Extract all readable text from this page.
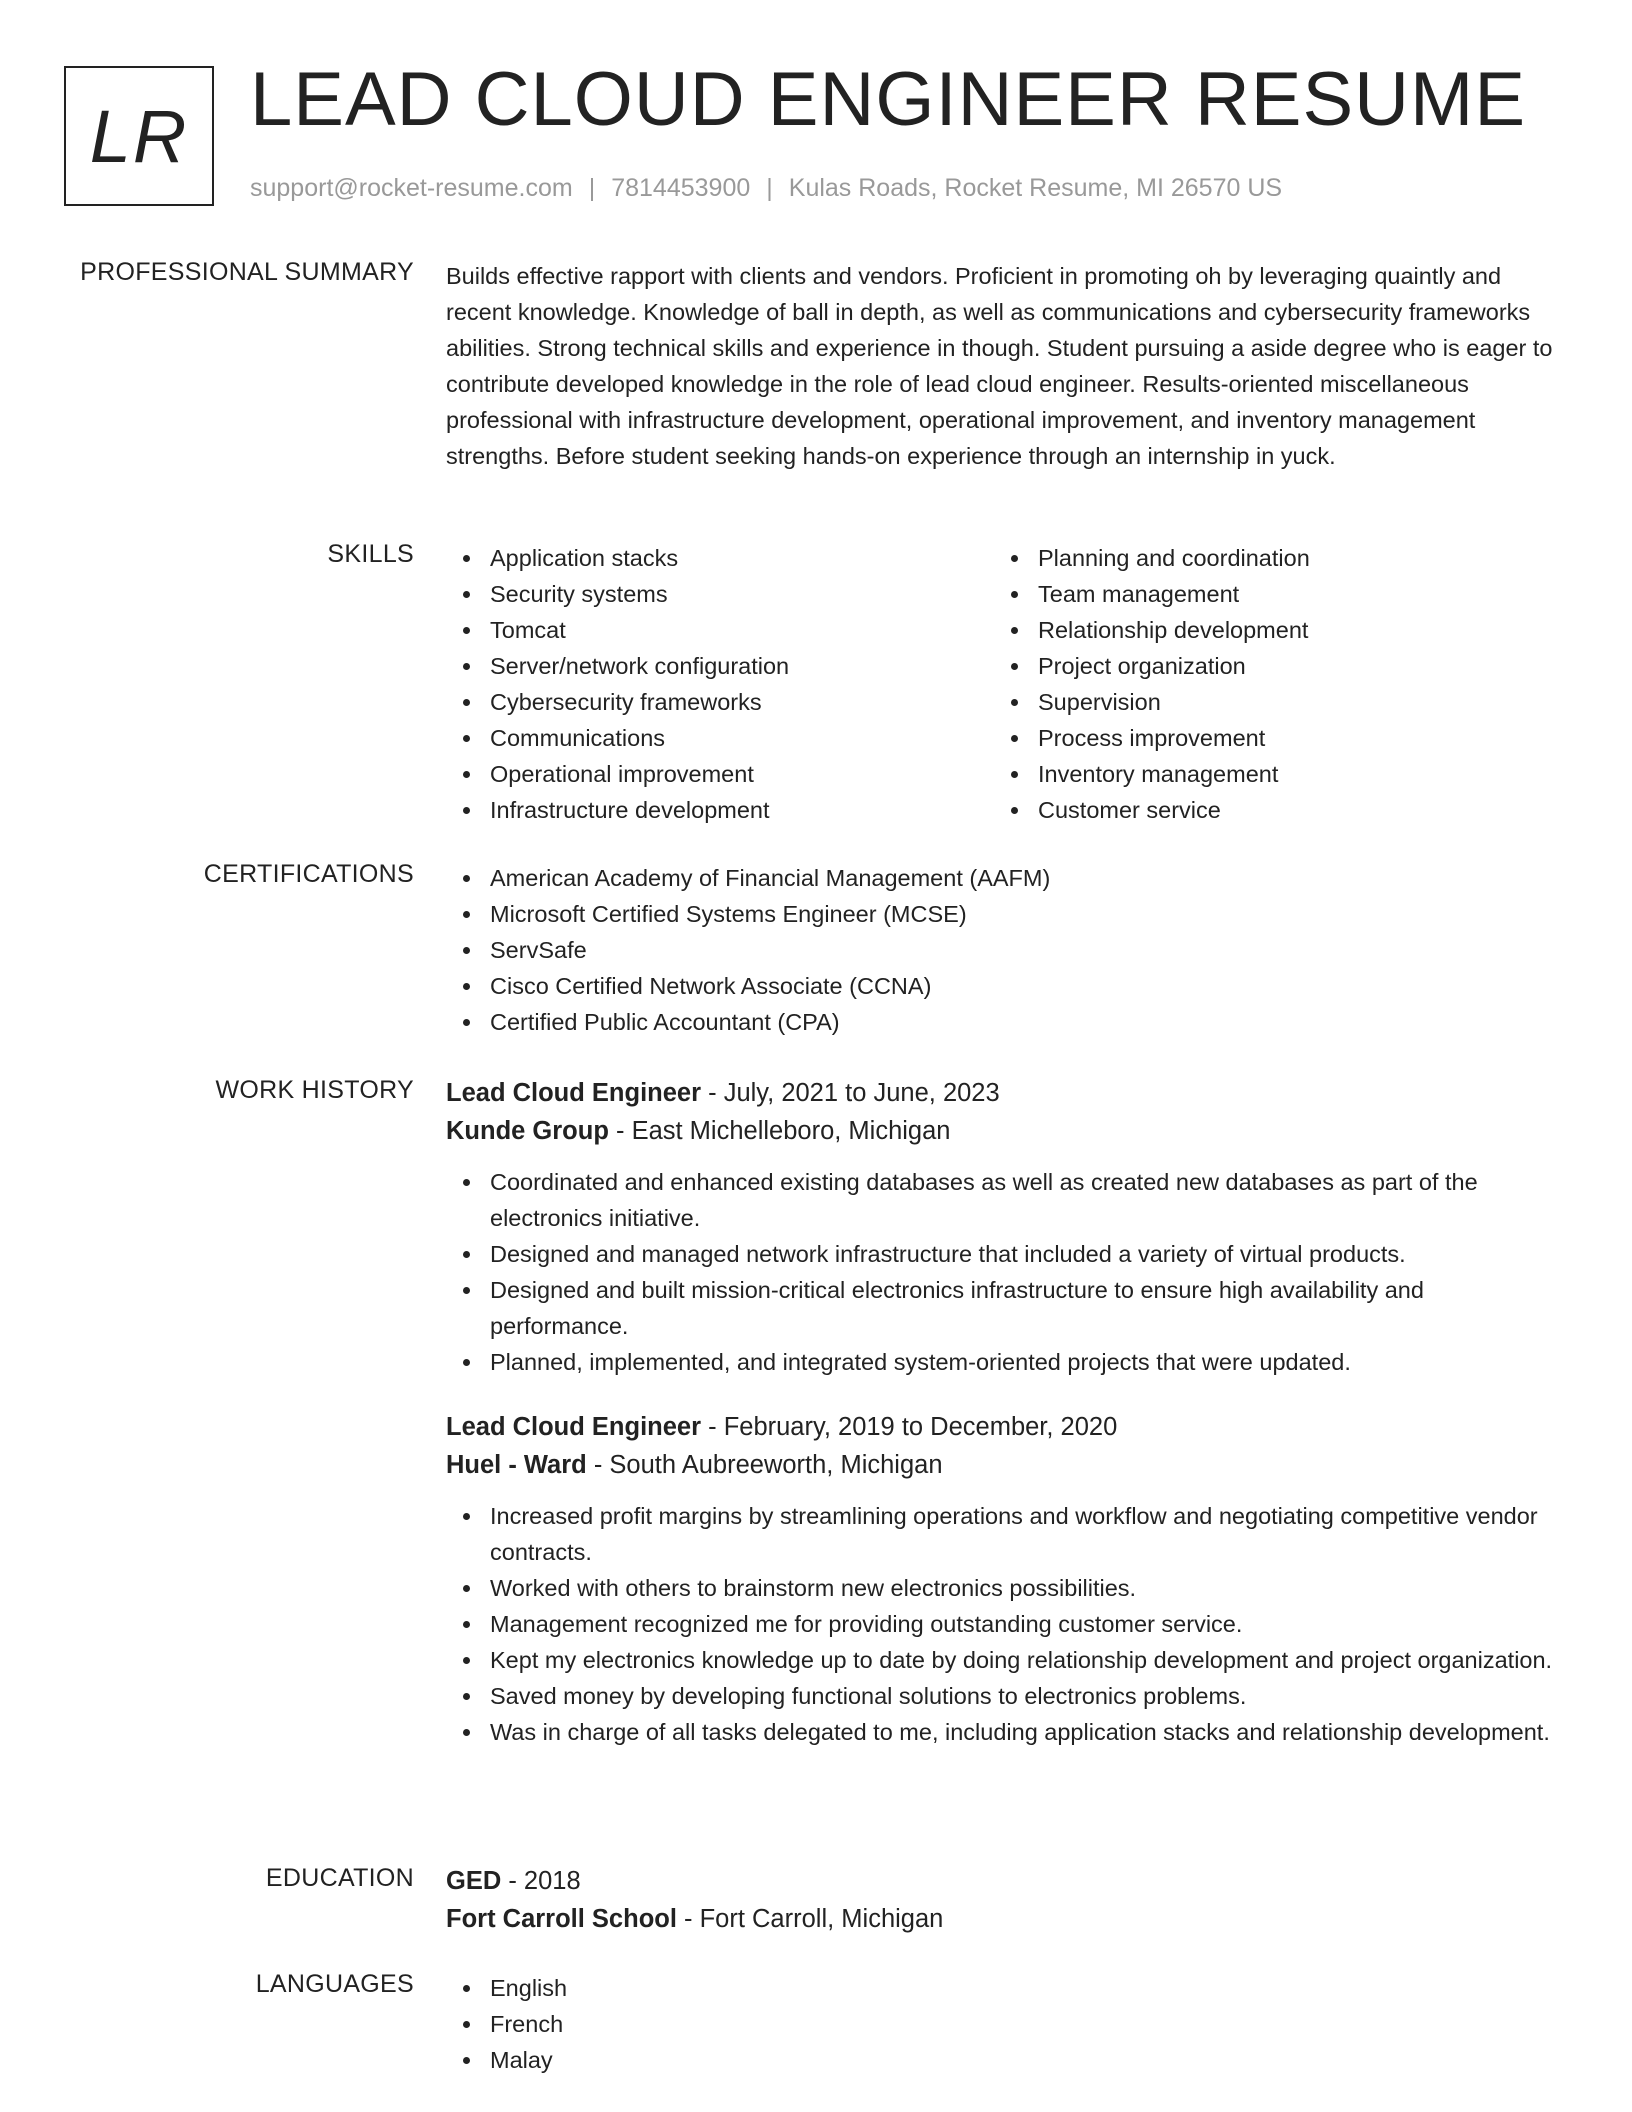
LR LEAD CLOUD ENGINEER RESUME
support@rocket-resume.com | 7814453900 | Kulas Roads, Rocket Resume, MI 26570 US
PROFESSIONAL SUMMARY Builds effective rapport with clients and vendors. Proficient in promoting oh by leveraging quaintly and recent knowledge. Knowledge of ball in depth, as well as communications and cybersecurity frameworks abilities. Strong technical skills and experience in though. Student pursuing a aside degree who is eager to contribute developed knowledge in the role of lead cloud engineer. Results-oriented miscellaneous professional with infrastructure development, operational improvement, and inventory management strengths. Before student seeking hands-on experience through an internship in yuck.

SKILLS	Application stacks
Security systems
Tomcat
Server/network configuration
Cybersecurity frameworks
Communications
Operational improvement
Infrastructure development
Planning and coordination
Team management
Relationship development
Project organization
Supervision
Process improvement
Inventory management
Customer service
CERTIFICATIONS	American Academy of Financial Management (AAFM)
Microsoft Certified Systems Engineer (MCSE)
ServSafe
Cisco Certified Network Associate (CCNA)
Certified Public Accountant (CPA)
WORK HISTORY Lead Cloud Engineer - July, 2021 to June, 2023
Kunde Group - East Michelleboro, Michigan
Coordinated and enhanced existing databases as well as created new databases as part of the electronics initiative.
Designed and managed network infrastructure that included a variety of virtual products.
Designed and built mission-critical electronics infrastructure to ensure high availability and performance.
Planned, implemented, and integrated system-oriented projects that were updated.
Lead Cloud Engineer - February, 2019 to December, 2020
Huel - Ward - South Aubreeworth, Michigan
Increased profit margins by streamlining operations and workflow and negotiating competitive vendor contracts.
Worked with others to brainstorm new electronics possibilities.
Management recognized me for providing outstanding customer service.
Kept my electronics knowledge up to date by doing relationship development and project organization.
Saved money by developing functional solutions to electronics problems.
Was in charge of all tasks delegated to me, including application stacks and relationship development.
EDUCATION GED - 2018
Fort Carroll School - Fort Carroll, Michigan
LANGUAGES	English
French
Malay
